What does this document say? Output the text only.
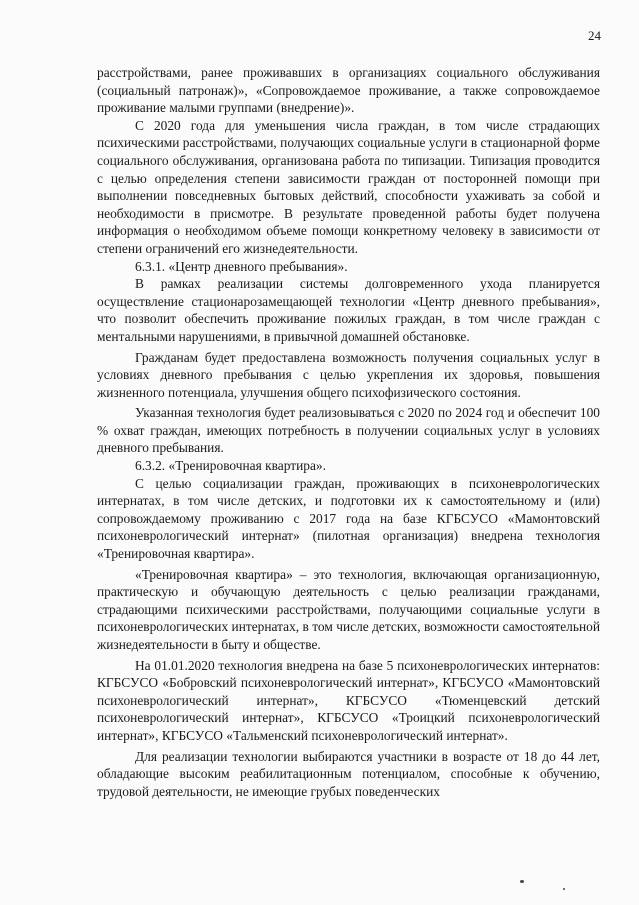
24

расстройствами, ранее проживавших в организациях социального обслуживания (социальный патронаж)», «Сопровождаемое проживание, а также сопровождаемое проживание малыми группами (внедрение)».

С 2020 года для уменьшения числа граждан, в том числе страдающих психическими расстройствами, получающих социальные услуги в стационарной форме социального обслуживания, организована работа по типизации. Типизация проводится с целью определения степени зависимости граждан от посторонней помощи при выполнении повседневных бытовых действий, способности ухаживать за собой и необходимости в присмотре. В результате проведенной работы будет получена информация о необходимом объеме помощи конкретному человеку в зависимости от степени ограничений его жизнедеятельности.

6.3.1. «Центр дневного пребывания».

В рамках реализации системы долговременного ухода планируется осуществление стационарозамещающей технологии «Центр дневного пребывания», что позволит обеспечить проживание пожилых граждан, в том числе граждан с ментальными нарушениями, в привычной домашней обстановке.

Гражданам будет предоставлена возможность получения социальных услуг в условиях дневного пребывания с целью укрепления их здоровья, повышения жизненного потенциала, улучшения общего психофизического состояния.

Указанная технология будет реализовываться с 2020 по 2024 год и обеспечит 100 % охват граждан, имеющих потребность в получении социальных услуг в условиях дневного пребывания.

6.3.2. «Тренировочная квартира».

С целью социализации граждан, проживающих в психоневрологических интернатах, в том числе детских, и подготовки их к самостоятельному и (или) сопровождаемому проживанию с 2017 года на базе КГБСУСО «Мамонтовский психоневрологический интернат» (пилотная организация) внедрена технология «Тренировочная квартира».

«Тренировочная квартира» – это технология, включающая организационную, практическую и обучающую деятельность с целью реализации гражданами, страдающими психическими расстройствами, получающими социальные услуги в психоневрологических интернатах, в том числе детских, возможности самостоятельной жизнедеятельности в быту и обществе.

На 01.01.2020 технология внедрена на базе 5 психоневрологических интернатов: КГБСУСО «Бобровский психоневрологический интернат», КГБСУСО «Мамонтовский психоневрологический интернат», КГБСУСО «Тюменцевский детский психоневрологический интернат», КГБСУСО «Троицкий психоневрологический интернат», КГБСУСО «Тальменский психоневрологический интернат».

Для реализации технологии выбираются участники в возрасте от 18 до 44 лет, обладающие высоким реабилитационным потенциалом, способные к обучению, трудовой деятельности, не имеющие грубых поведенческих
